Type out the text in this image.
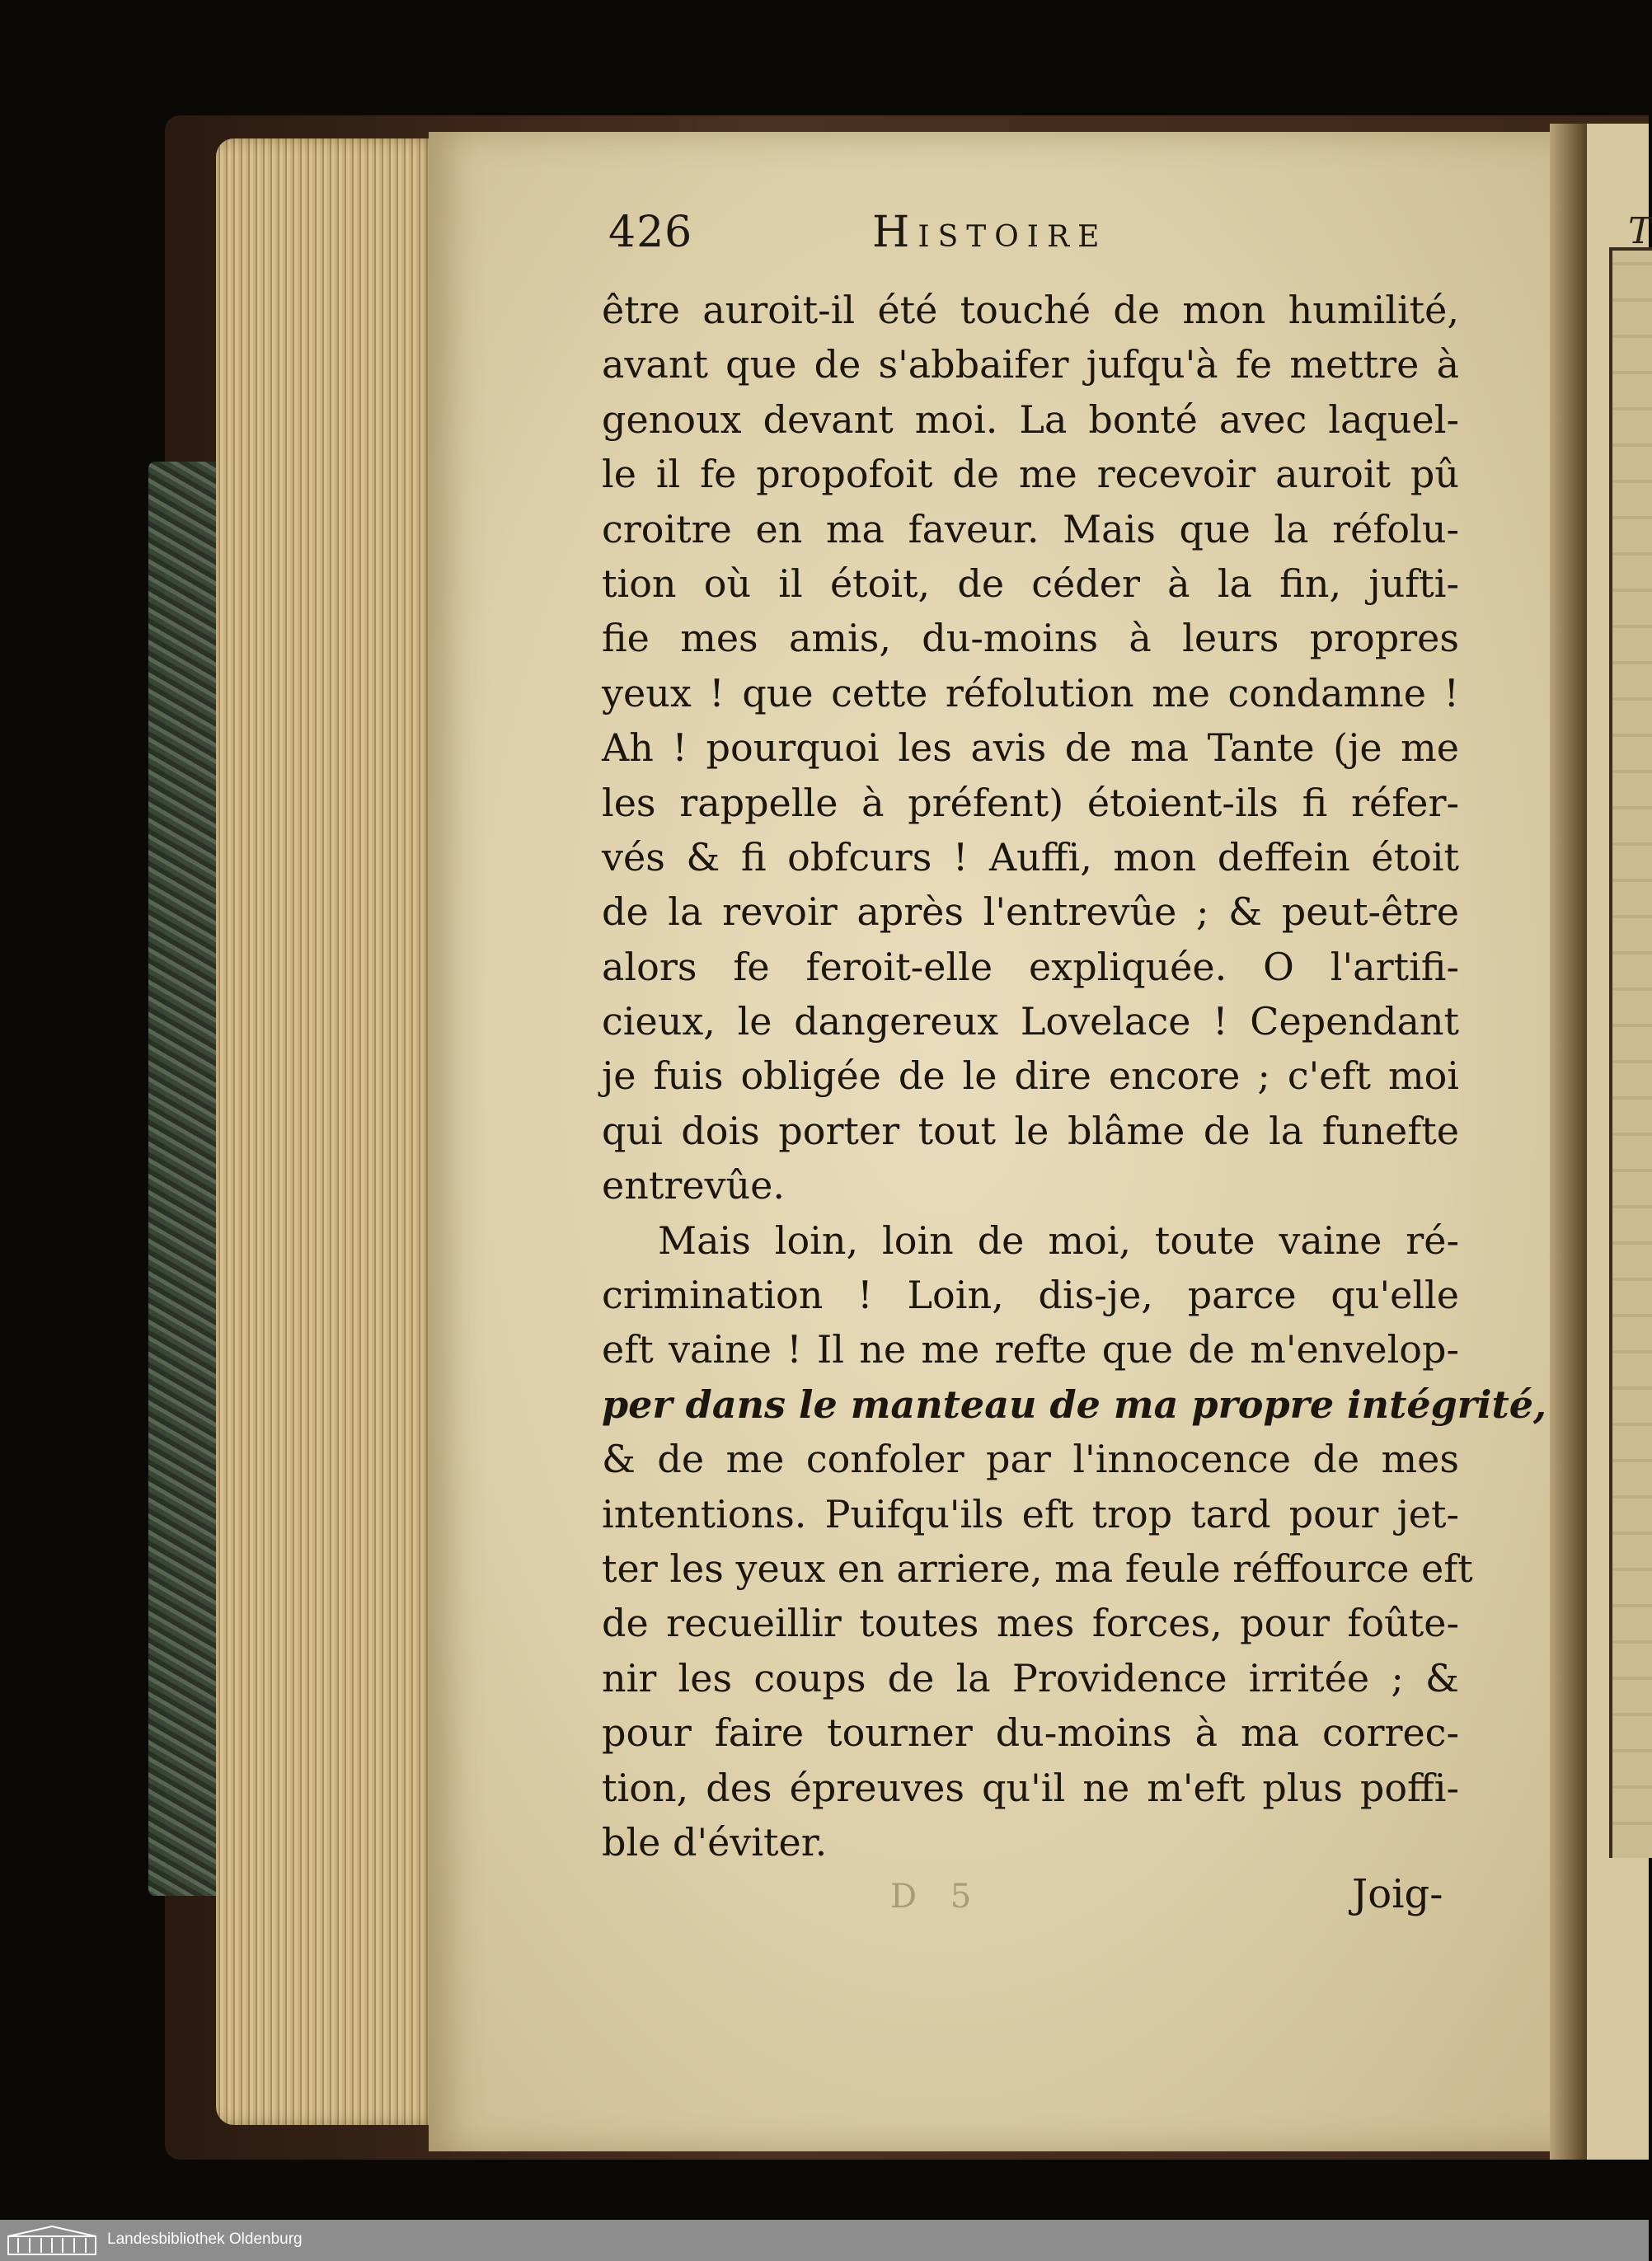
T
426	Histoire
être auroit-il été touché de mon humilité,
avant que de s'abbaifer jufqu'à fe mettre à
genoux devant moi. La bonté avec laquel-
le il fe propofoit de me recevoir auroit pû
croitre en ma faveur. Mais que la réfolu-
tion où il étoit, de céder à la fin, jufti-
fie mes amis, du-moins à leurs propres
yeux ! que cette réfolution me condamne !
Ah ! pourquoi les avis de ma Tante (je me
les rappelle à préfent) étoient-ils fi réfer-
vés & fi obfcurs ! Auffi, mon deffein étoit
de la revoir après l'entrevûe ; & peut-être
alors fe feroit-elle expliquée. O l'artifi-
cieux, le dangereux Lovelace ! Cependant
je fuis obligée de le dire encore ; c'eft moi
qui dois porter tout le blâme de la funefte
entrevûe.
Mais loin, loin de moi, toute vaine ré-
crimination ! Loin, dis-je, parce qu'elle
eft vaine ! Il ne me refte que de m'envelop-
per dans le manteau de ma propre intégrité,
& de me confoler par l'innocence de mes
intentions. Puifqu'ils eft trop tard pour jet-
ter les yeux en arriere, ma feule réffource eft
de recueillir toutes mes forces, pour foûte-
nir les coups de la Providence irritée ; &
pour faire tourner du-moins à ma correc-
tion, des épreuves qu'il ne m'eft plus poffi-
ble d'éviter.
D 5	Joig-
Landesbibliothek Oldenburg
